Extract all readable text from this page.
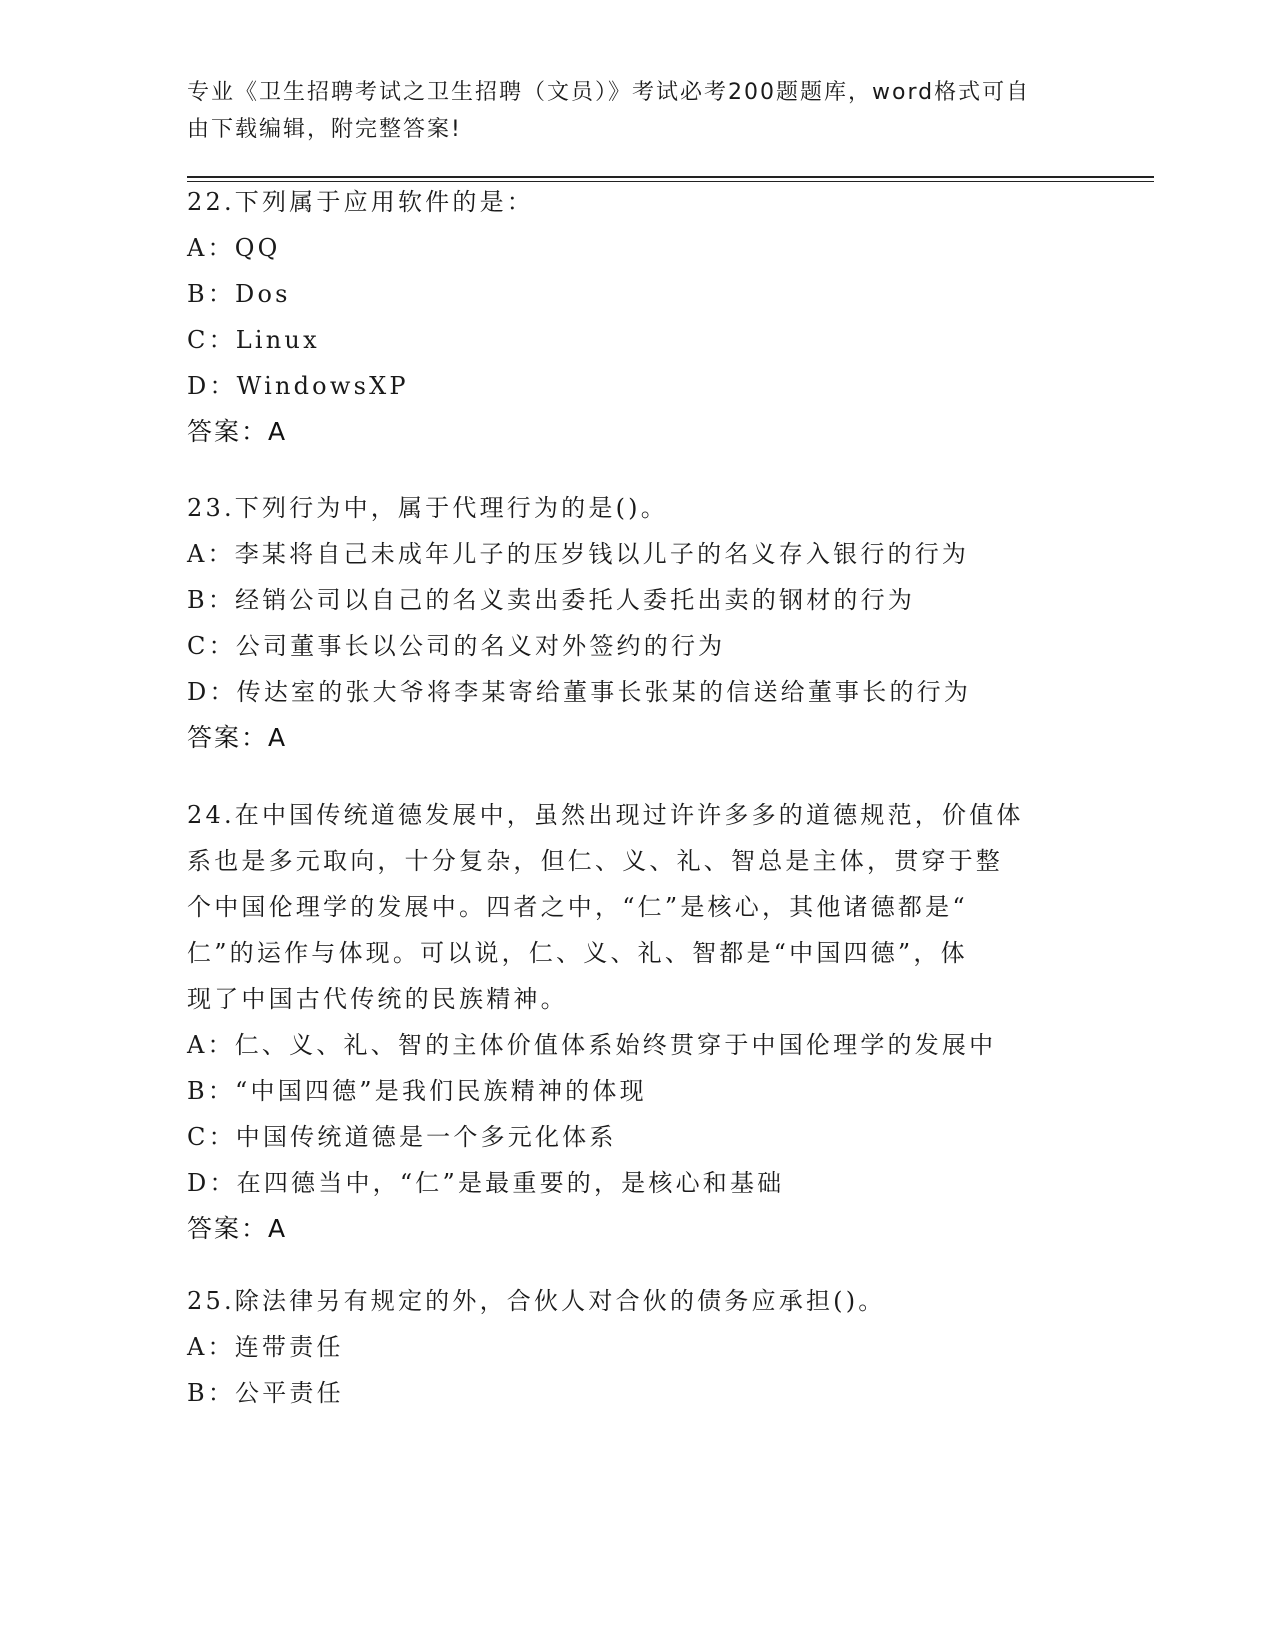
专业《卫生招聘考试之卫生招聘（文员）》考试必考200题题库，word格式可自
由下载编辑，附完整答案!
22.下列属于应用软件的是：
A：QQ
B：Dos
C：Linux
D：WindowsXP
答案：A
23.下列行为中，属于代理行为的是()。
A：李某将自己未成年儿子的压岁钱以儿子的名义存入银行的行为
B：经销公司以自己的名义卖出委托人委托出卖的钢材的行为
C：公司董事长以公司的名义对外签约的行为
D：传达室的张大爷将李某寄给董事长张某的信送给董事长的行为
答案：A
24.在中国传统道德发展中，虽然出现过许许多多的道德规范，价值体
系也是多元取向，十分复杂，但仁、义、礼、智总是主体，贯穿于整
个中国伦理学的发展中。四者之中，“仁”是核心，其他诸德都是“
仁”的运作与体现。可以说，仁、义、礼、智都是“中国四德”，体
现了中国古代传统的民族精神。
A：仁、义、礼、智的主体价值体系始终贯穿于中国伦理学的发展中
B：“中国四德”是我们民族精神的体现
C：中国传统道德是一个多元化体系
D：在四德当中，“仁”是最重要的，是核心和基础
答案：A
25.除法律另有规定的外，合伙人对合伙的债务应承担()。
A：连带责任
B：公平责任
